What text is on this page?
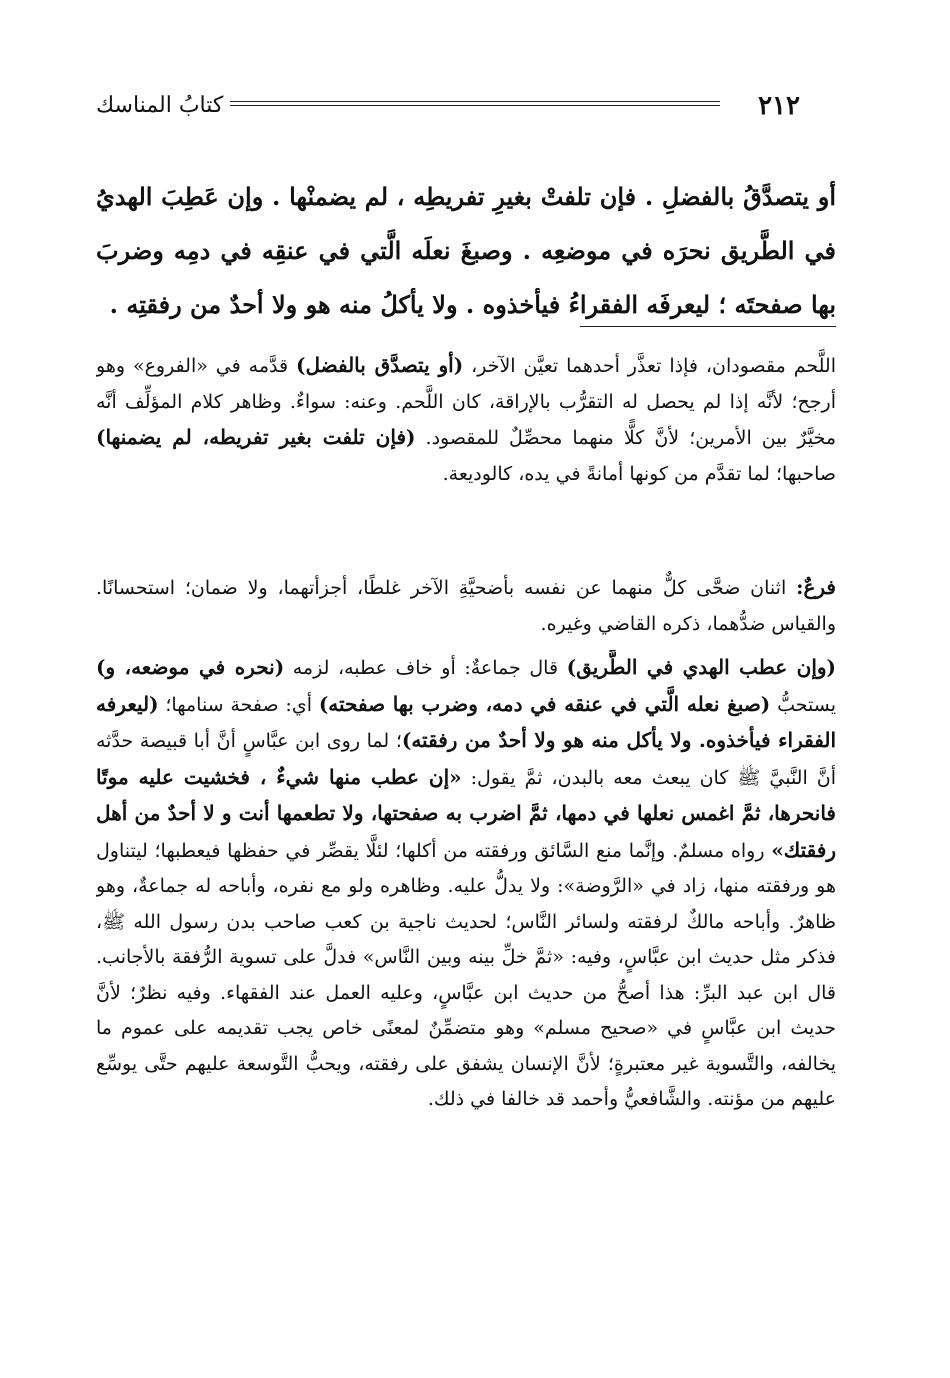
٢١٢
كتابُ المناسك

أو يتصدَّقُ بالفضلِ . فإن تلفتْ بغيرِ تفريطِه ، لم يضمنْها . وإن عَطِبَ الهديُ في الطَّريق نحرَه في موضعِه . وصبغَ نعلَه الَّتي في عنقِه في دمِه وضربَ بها صفحتَه ؛ ليعرفَه الفقراءُ فيأخذوه . ولا يأكلُ منه هو ولا أحدٌ من رفقتِه .

اللَّحم مقصودان، فإذا تعذَّر أحدهما تعيَّن الآخر، (أو يتصدَّق بالفضل) قدَّمه في «الفروع» وهو أرجح؛ لأنَّه إذا لم يحصل له التقرُّب بالإراقة، كان اللَّحم. وعنه: سواءٌ. وظاهر كلام المؤلِّف أنَّه مخيَّرٌ بين الأمرين؛ لأنَّ كلًّا منهما محصِّلٌ للمقصود. (فإن تلفت بغير تفريطه، لم يضمنها) صاحبها؛ لما تقدَّم من كونها أمانةً في يده، كالوديعة.

فرعٌ: اثنان ضحَّى كلٌّ منهما عن نفسه بأضحيَّةِ الآخر غلطًا، أجزأتهما، ولا ضمان؛ استحسانًا. والقياس ضدُّهما، ذكره القاضي وغيره.

(وإن عطب الهدي في الطَّريق) قال جماعةٌ: أو خاف عطبه، لزمه (نحره في موضعه، و) يستحبُّ (صبغ نعله الَّتي في عنقه في دمه، وضرب بها صفحته) أي: صفحة سنامها؛ (ليعرفه الفقراء فيأخذوه. ولا يأكل منه هو ولا أحدٌ من رفقته)؛ لما روى ابن عبَّاسٍ أنَّ أبا قبيصة حدَّثه أنَّ النَّبيَّ ﷺ كان يبعث معه بالبدن، ثمَّ يقول: «إن عطب منها شيءٌ ، فخشيت عليه موتًا فانحرها، ثمَّ اغمس نعلها في دمها، ثمَّ اضرب به صفحتها، ولا تطعمها أنت و لا أحدٌ من أهل رفقتك» رواه مسلمٌ. وإنَّما منع السَّائق ورفقته من أكلها؛ لئلَّا يقصِّر في حفظها فيعطبها؛ ليتناول هو ورفقته منها، زاد في «الرَّوضة»: ولا يدلُّ عليه. وظاهره ولو مع نفره، وأباحه له جماعةٌ، وهو ظاهرٌ. وأباحه مالكٌ لرفقته ولسائر النَّاس؛ لحديث ناجية بن كعب صاحب بدن رسول الله ﷺ، فذكر مثل حديث ابن عبَّاسٍ، وفيه: «ثمَّ خلِّ بينه وبين النَّاس» فدلَّ على تسوية الرُّفقة بالأجانب. قال ابن عبد البرِّ: هذا أصحُّ من حديث ابن عبَّاسٍ، وعليه العمل عند الفقهاء. وفيه نظرٌ؛ لأنَّ حديث ابن عبَّاسٍ في «صحيح مسلم» وهو متضمِّنٌ لمعنًى خاص يجب تقديمه على عموم ما يخالفه، والتَّسوية غير معتبرةٍ؛ لأنَّ الإنسان يشفق على رفقته، ويحبُّ التَّوسعة عليهم حتَّى يوسِّع عليهم من مؤنته. والشَّافعيُّ وأحمد قد خالفا في ذلك.
